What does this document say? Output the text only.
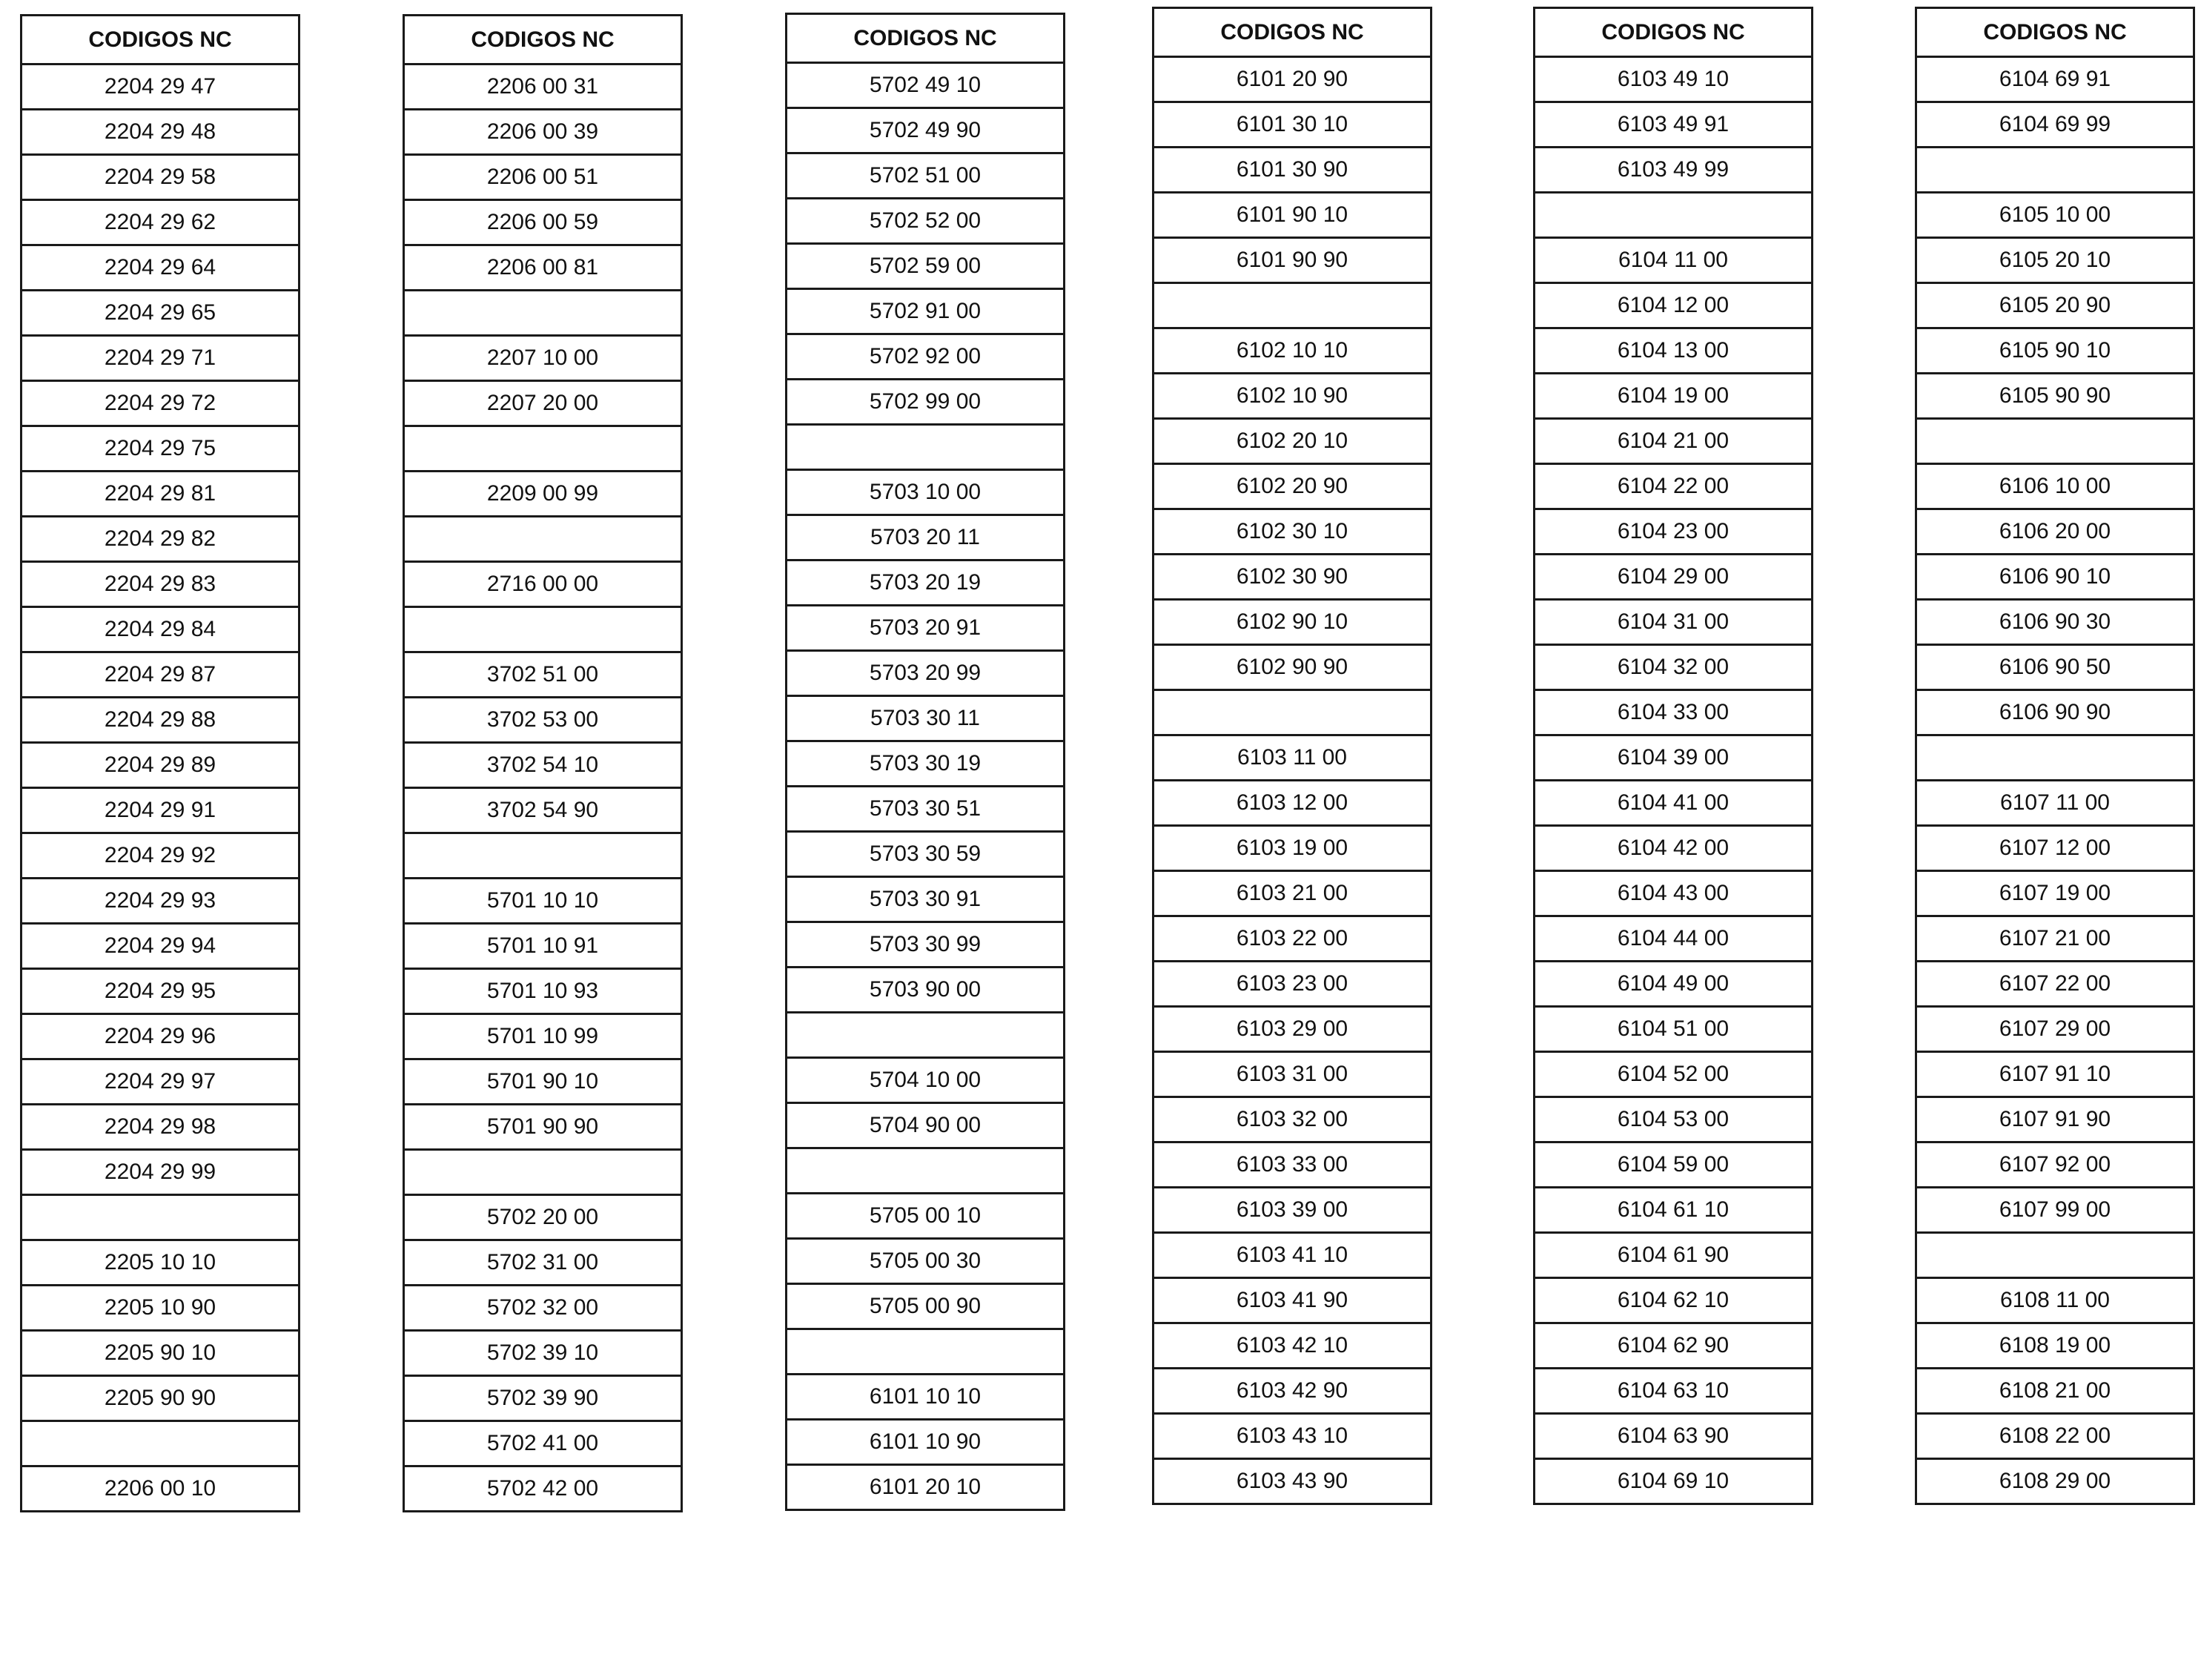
CODIGOS NC
2204 29 47
2204 29 48
2204 29 58
2204 29 62
2204 29 64
2204 29 65
2204 29 71
2204 29 72
2204 29 75
2204 29 81
2204 29 82
2204 29 83
2204 29 84
2204 29 87
2204 29 88
2204 29 89
2204 29 91
2204 29 92
2204 29 93
2204 29 94
2204 29 95
2204 29 96
2204 29 97
2204 29 98
2204 29 99

2205 10 10
2205 10 90
2205 90 10
2205 90 90

2206 00 10
CODIGOS NC
2206 00 31
2206 00 39
2206 00 51
2206 00 59
2206 00 81

2207 10 00
2207 20 00

2209 00 99

2716 00 00

3702 51 00
3702 53 00
3702 54 10
3702 54 90

5701 10 10
5701 10 91
5701 10 93
5701 10 99
5701 90 10
5701 90 90

5702 20 00
5702 31 00
5702 32 00
5702 39 10
5702 39 90
5702 41 00
5702 42 00
CODIGOS NC
5702 49 10
5702 49 90
5702 51 00
5702 52 00
5702 59 00
5702 91 00
5702 92 00
5702 99 00

5703 10 00
5703 20 11
5703 20 19
5703 20 91
5703 20 99
5703 30 11
5703 30 19
5703 30 51
5703 30 59
5703 30 91
5703 30 99
5703 90 00

5704 10 00
5704 90 00

5705 00 10
5705 00 30
5705 00 90

6101 10 10
6101 10 90
6101 20 10
CODIGOS NC
6101 20 90
6101 30 10
6101 30 90
6101 90 10
6101 90 90

6102 10 10
6102 10 90
6102 20 10
6102 20 90
6102 30 10
6102 30 90
6102 90 10
6102 90 90

6103 11 00
6103 12 00
6103 19 00
6103 21 00
6103 22 00
6103 23 00
6103 29 00
6103 31 00
6103 32 00
6103 33 00
6103 39 00
6103 41 10
6103 41 90
6103 42 10
6103 42 90
6103 43 10
6103 43 90
CODIGOS NC
6103 49 10
6103 49 91
6103 49 99

6104 11 00
6104 12 00
6104 13 00
6104 19 00
6104 21 00
6104 22 00
6104 23 00
6104 29 00
6104 31 00
6104 32 00
6104 33 00
6104 39 00
6104 41 00
6104 42 00
6104 43 00
6104 44 00
6104 49 00
6104 51 00
6104 52 00
6104 53 00
6104 59 00
6104 61 10
6104 61 90
6104 62 10
6104 62 90
6104 63 10
6104 63 90
6104 69 10
CODIGOS NC
6104 69 91
6104 69 99

6105 10 00
6105 20 10
6105 20 90
6105 90 10
6105 90 90

6106 10 00
6106 20 00
6106 90 10
6106 90 30
6106 90 50
6106 90 90

6107 11 00
6107 12 00
6107 19 00
6107 21 00
6107 22 00
6107 29 00
6107 91 10
6107 91 90
6107 92 00
6107 99 00

6108 11 00
6108 19 00
6108 21 00
6108 22 00
6108 29 00
